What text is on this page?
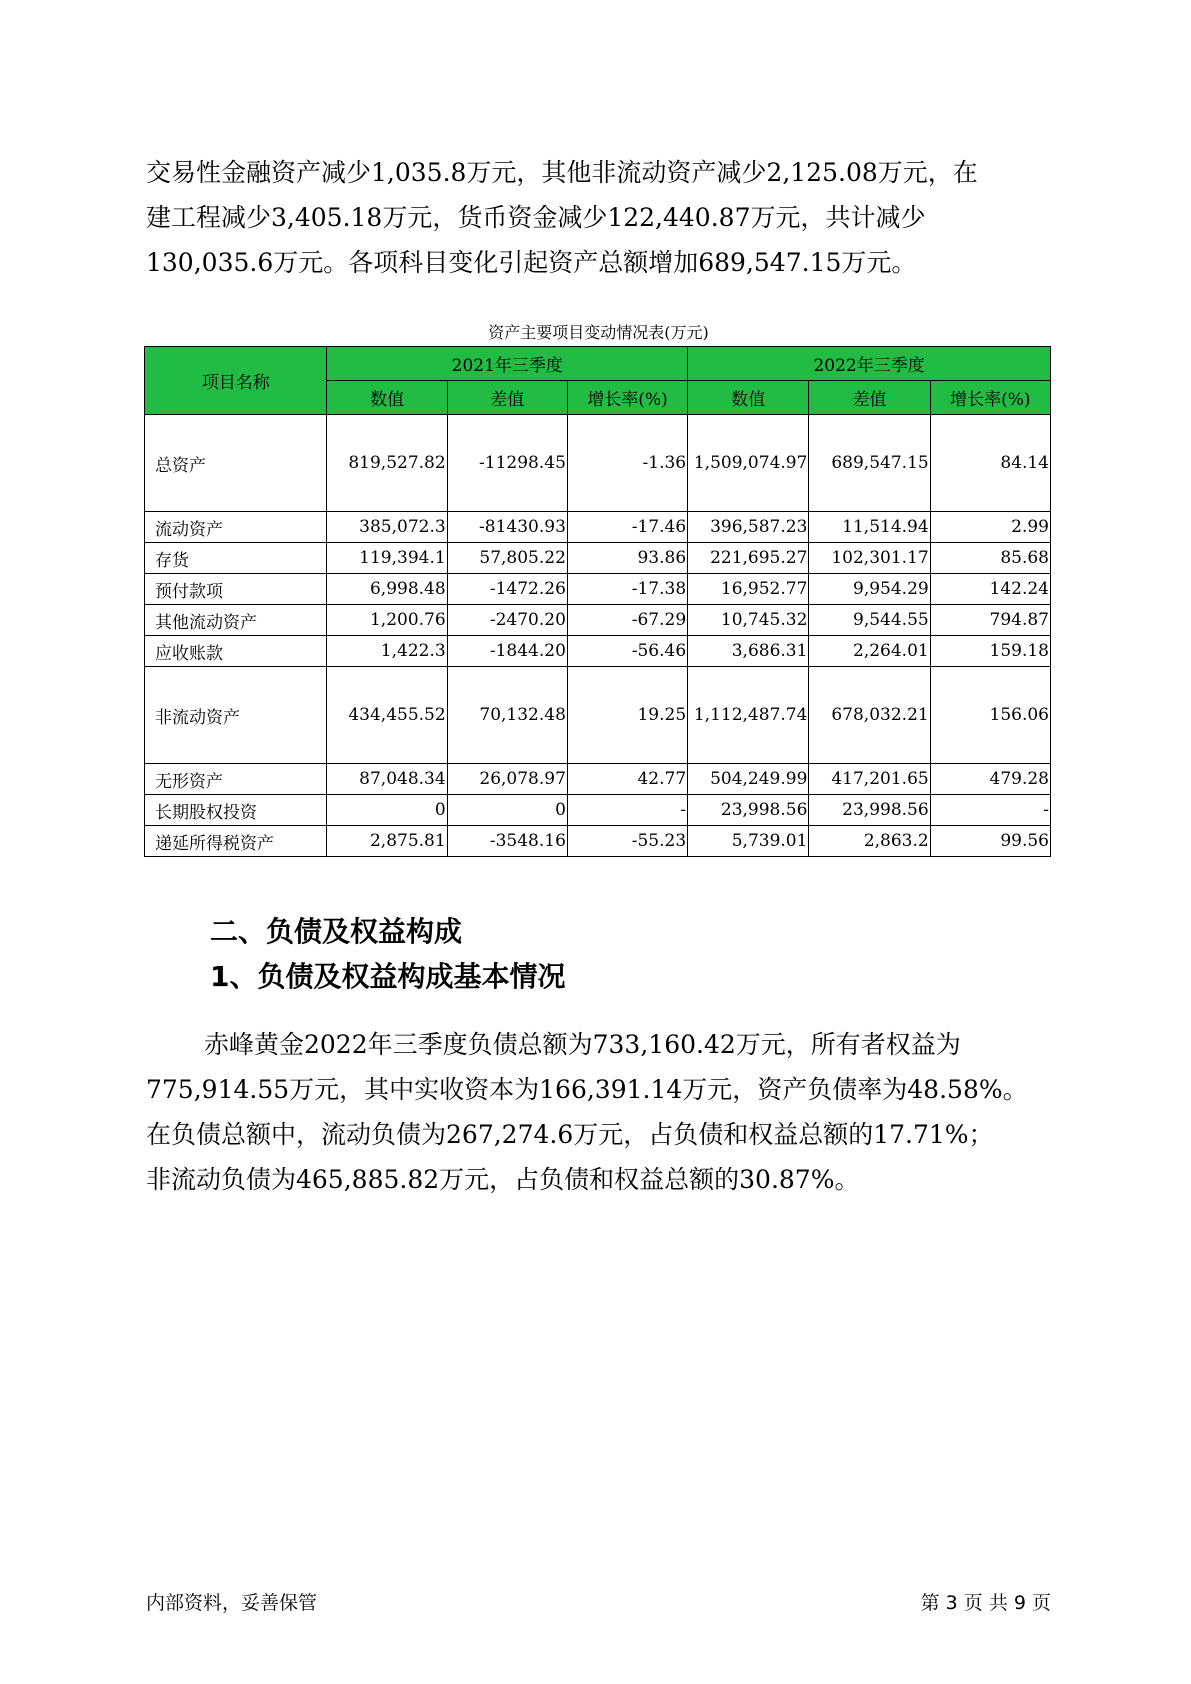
交易性金融资产减少1,035.8万元，其他非流动资产减少2,125.08万元，在

建工程减少3,405.18万元，货币资金减少122,440.87万元，共计减少

130,035.6万元。各项科目变化引起资产总额增加689,547.15万元。

资产主要项目变动情况表(万元)
项目名称	2021年三季度			2022年三季度		
	数值	差值	增长率(%)	数值	差值	增长率(%)
总资产	819,527.82	-11298.45	-1.36	1,509,074.97	689,547.15	84.14
流动资产	385,072.3	-81430.93	-17.46	396,587.23	11,514.94	2.99
存货	119,394.1	57,805.22	93.86	221,695.27	102,301.17	85.68
预付款项	6,998.48	-1472.26	-17.38	16,952.77	9,954.29	142.24
其他流动资产	1,200.76	-2470.20	-67.29	10,745.32	9,544.55	794.87
应收账款	1,422.3	-1844.20	-56.46	3,686.31	2,264.01	159.18
非流动资产	434,455.52	70,132.48	19.25	1,112,487.74	678,032.21	156.06
无形资产	87,048.34	26,078.97	42.77	504,249.99	417,201.65	479.28
长期股权投资	0	0	-	23,998.56	23,998.56	-
递延所得税资产	2,875.81	-3548.16	-55.23	5,739.01	2,863.2	99.56
二、负债及权益构成
1、负债及权益构成基本情况

赤峰黄金2022年三季度负债总额为733,160.42万元，所有者权益为

775,914.55万元，其中实收资本为166,391.14万元，资产负债率为48.58%。

在负债总额中，流动负债为267,274.6万元，占负债和权益总额的17.71%；

非流动负债为465,885.82万元，占负债和权益总额的30.87%。

内部资料，妥善保管	第 3 页 共 9 页
